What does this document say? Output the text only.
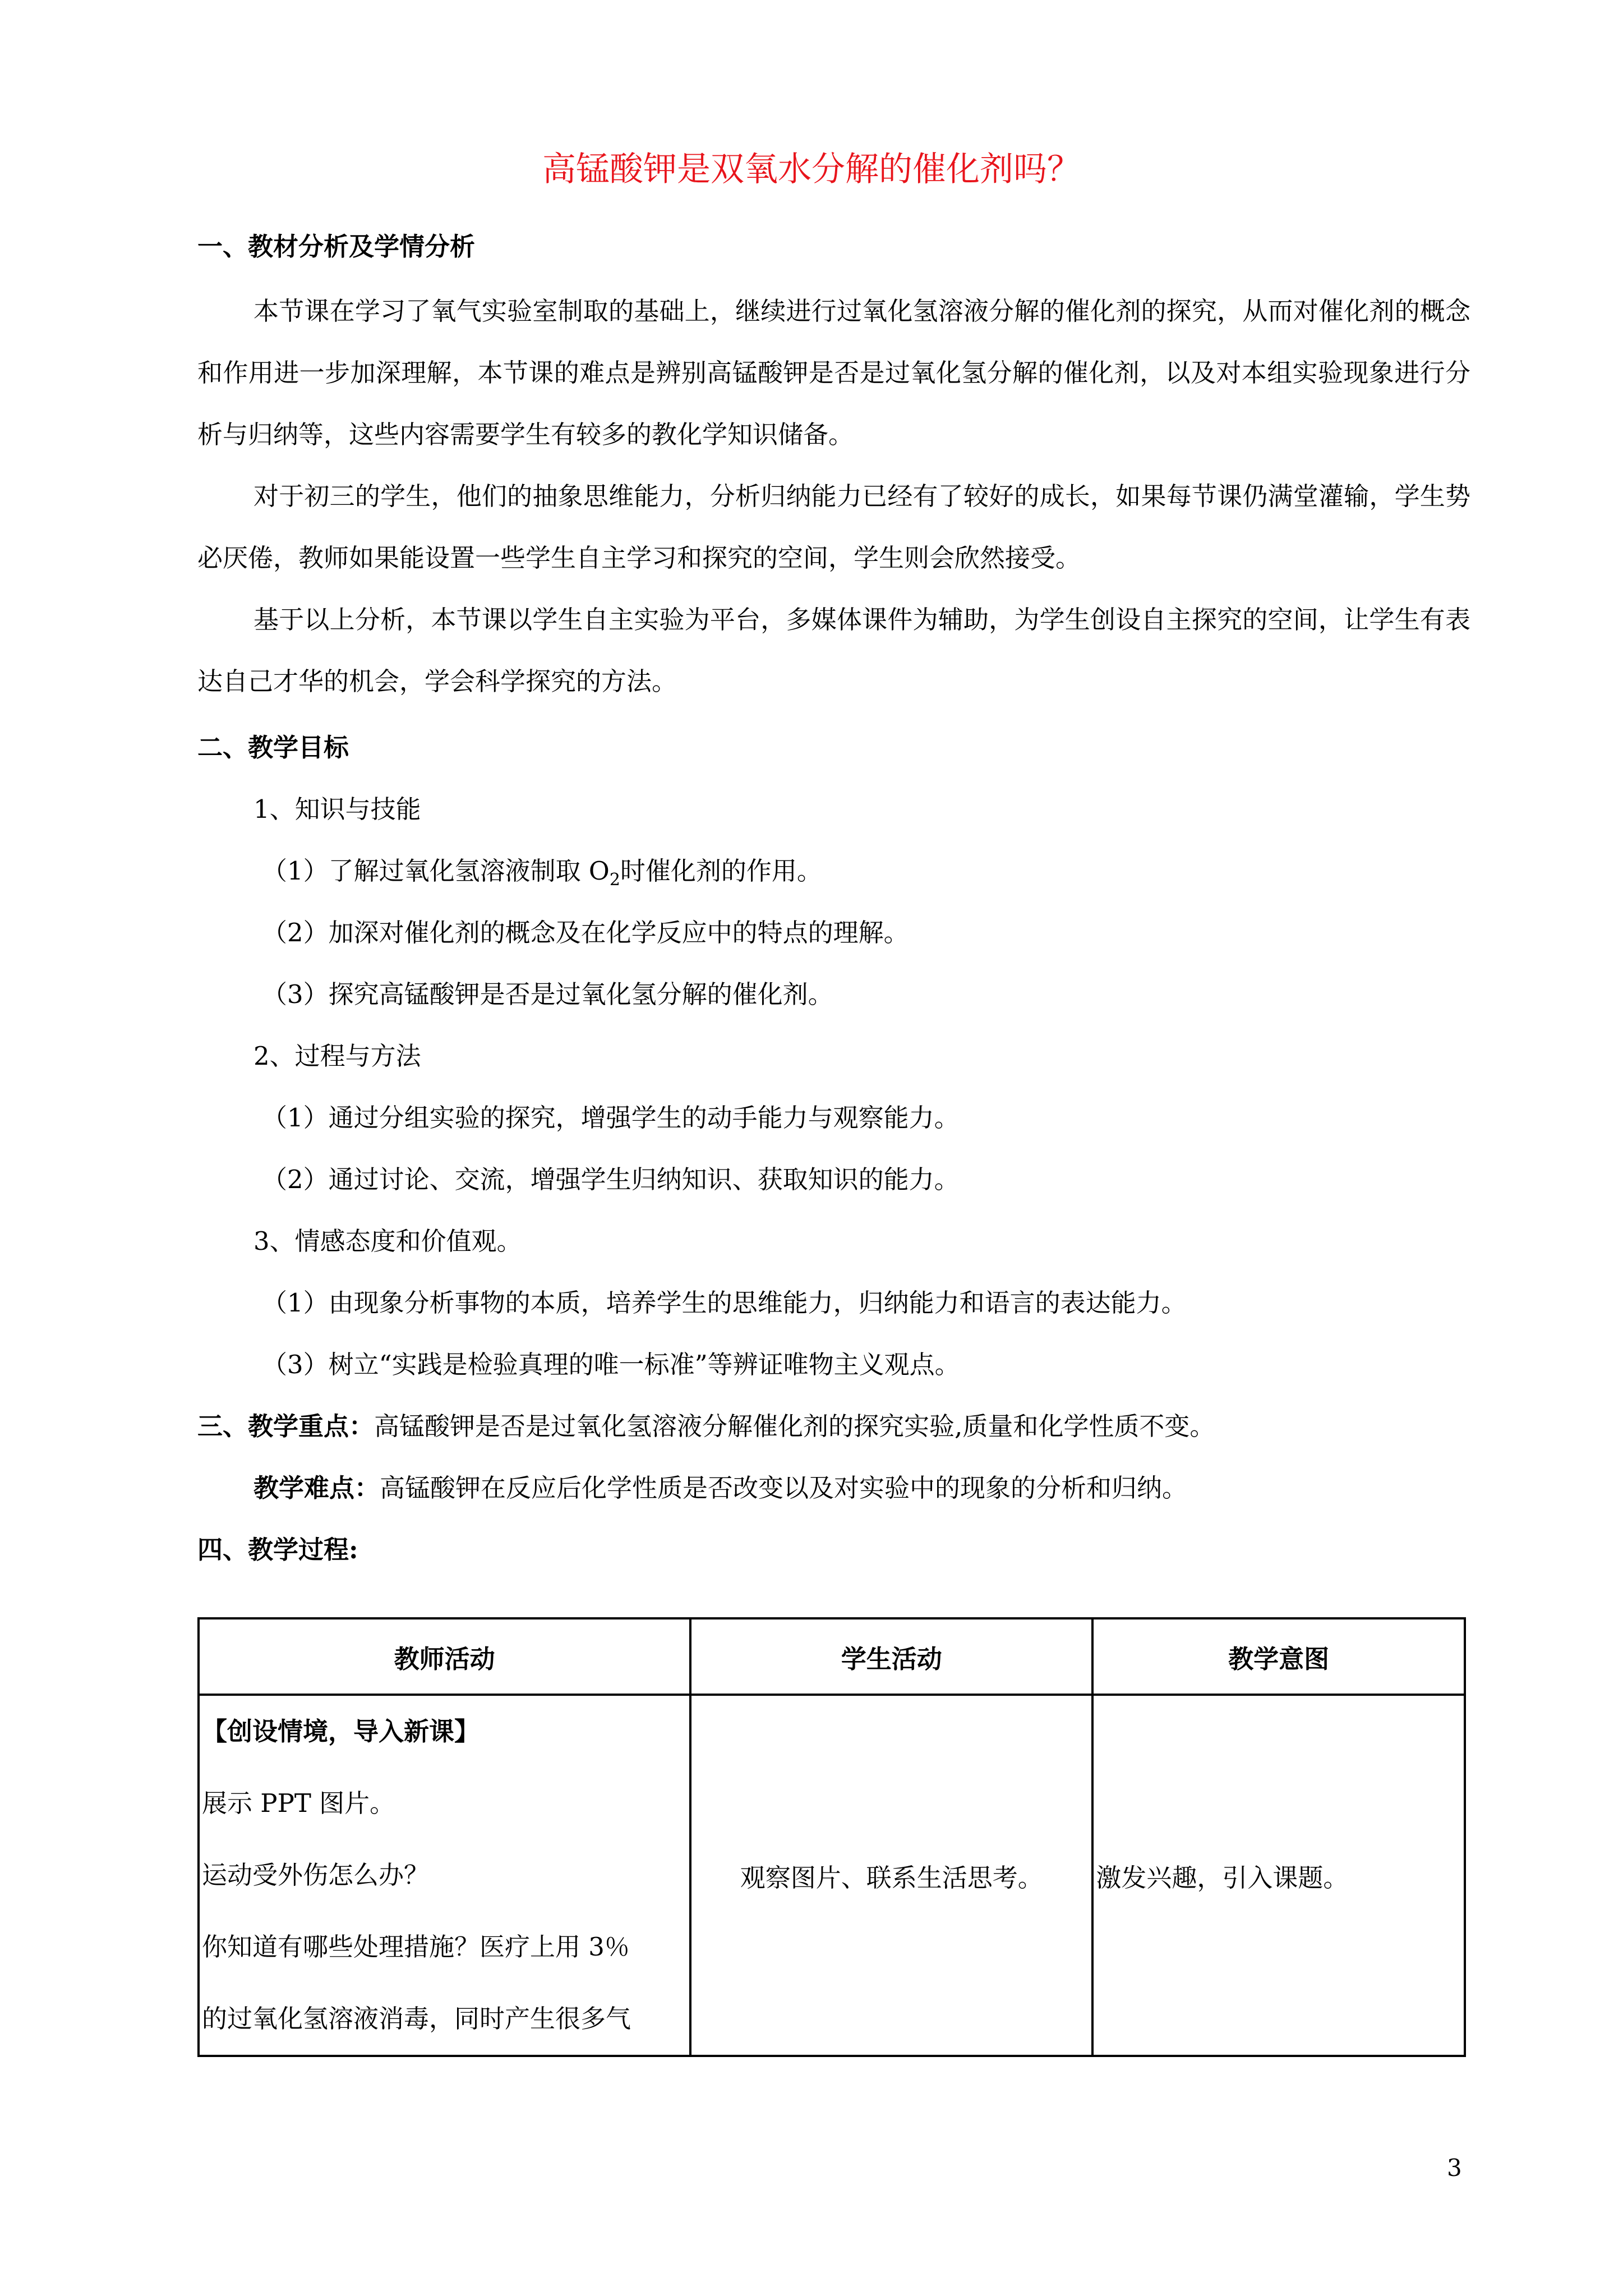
高锰酸钾是双氧水分解的催化剂吗？
一、教材分析及学情分析

本节课在学习了氧气实验室制取的基础上，继续进行过氧化氢溶液分解的催化剂的探究，从而对催化剂的概念和作用进一步加深理解，本节课的难点是辨别高锰酸钾是否是过氧化氢分解的催化剂，以及对本组实验现象进行分析与归纳等，这些内容需要学生有较多的教化学知识储备。

对于初三的学生，他们的抽象思维能力，分析归纳能力已经有了较好的成长，如果每节课仍满堂灌输，学生势必厌倦，教师如果能设置一些学生自主学习和探究的空间，学生则会欣然接受。

基于以上分析，本节课以学生自主实验为平台，多媒体课件为辅助，为学生创设自主探究的空间，让学生有表达自己才华的机会，学会科学探究的方法。

二、教学目标
1、知识与技能
（1）了解过氧化氢溶液制取 $O_2$时催化剂的作用。
（2）加深对催化剂的概念及在化学反应中的特点的理解。
（3）探究高锰酸钾是否是过氧化氢分解的催化剂。
2、过程与方法
（1）通过分组实验的探究，增强学生的动手能力与观察能力。
（2）通过讨论、交流，增强学生归纳知识、获取知识的能力。
3、情感态度和价值观。
（1）由现象分析事物的本质，培养学生的思维能力，归纳能力和语言的表达能力。
（3）树立“实践是检验真理的唯一标准”等辨证唯物主义观点。
三、教学重点：高锰酸钾是否是过氧化氢溶液分解催化剂的探究实验,质量和化学性质不变。
教学难点：高锰酸钾在反应后化学性质是否改变以及对实验中的现象的分析和归纳。
四、教学过程:
教师活动	学生活动	教学意图

【创设情境，导入新课】
展示 PPT 图片。
运动受外伤怎么办？
你知道有哪些处理措施？医疗上用 3％
的过氧化氢溶液消毒，同时产生很多气	观察图片、联系生活思考。	激发兴趣，引入课题。
3
